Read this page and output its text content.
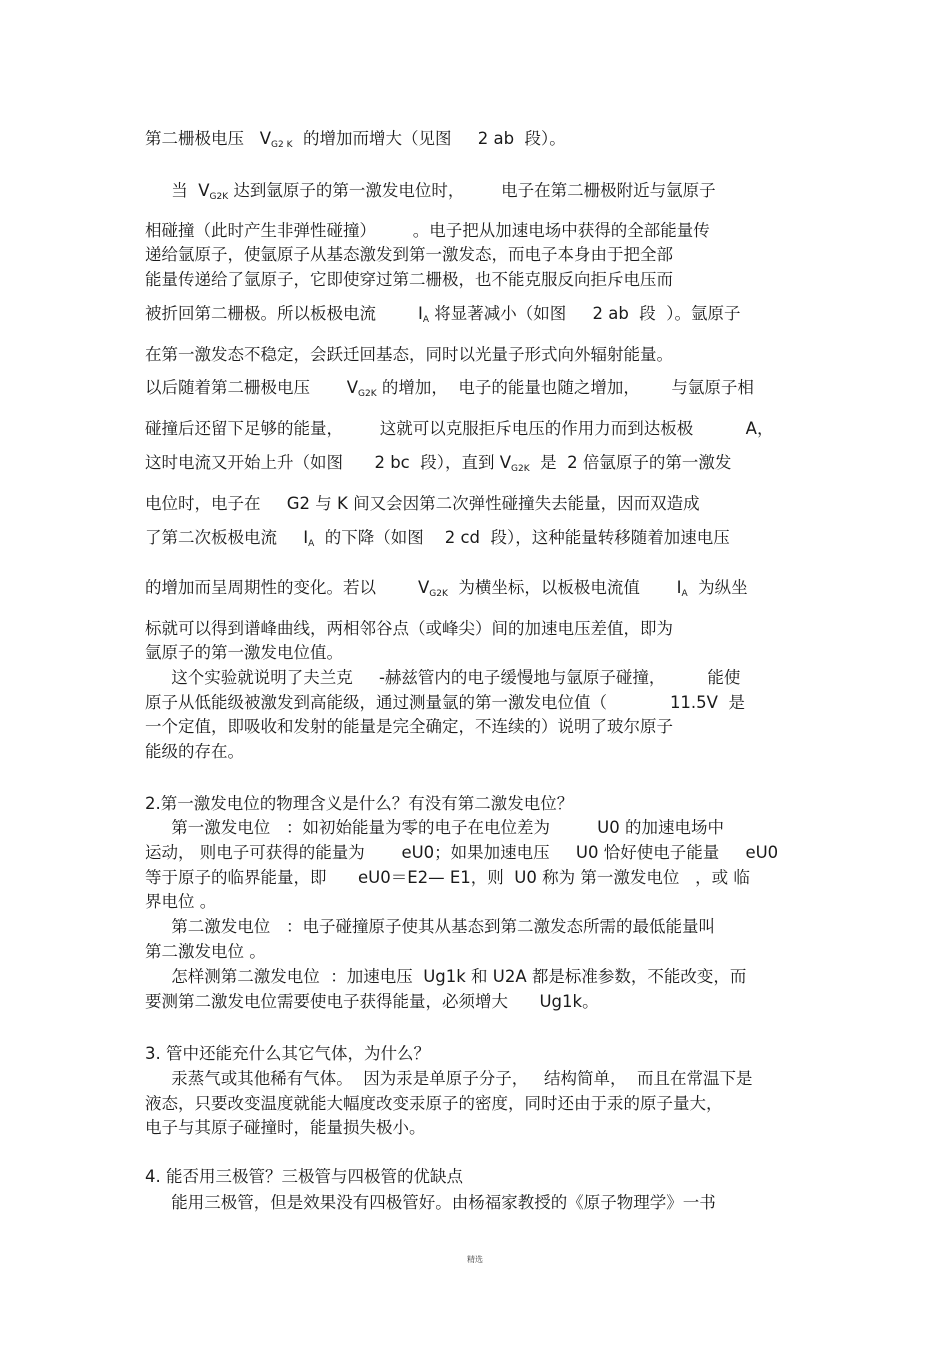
第二栅极电压   $V_{G2 K}$  的增加而增大（见图     2 ab  段）。
当  $V_{G2K}$ 达到氩原子的第一激发电位时，       电子在第二栅极附近与氩原子
相碰撞（此时产生非弹性碰撞）       。电子把从加速电场中获得的全部能量传
递给氩原子，使氩原子从基态激发到第一激发态，而电子本身由于把全部
能量传递给了氩原子，它即使穿过第二栅极，也不能克服反向拒斥电压而
被折回第二栅极。所以板极电流        $I_A$ 将显著减小（如图     2 ab  段  ）。氩原子
在第一激发态不稳定，会跃迁回基态，同时以光量子形式向外辐射能量。
以后随着第二栅极电压       $V_{G2K}$ 的增加，  电子的能量也随之增加，      与氩原子相
碰撞后还留下足够的能量，       这就可以克服拒斥电压的作用力而到达板极          A，
这时电流又开始上升（如图      2 bc  段），直到 $V_{G2K}$  是  2 倍氩原子的第一激发
电位时，电子在     G2 与 K 间又会因第二次弹性碰撞失去能量，因而双造成
了第二次板极电流     $I_A$  的下降（如图    2 cd  段），这种能量转移随着加速电压
的增加而呈周期性的变化。若以        $V_{G2K}$  为横坐标，以板极电流值       $I_A$  为纵坐
标就可以得到谱峰曲线，两相邻谷点（或峰尖）间的加速电压差值，即为
氩原子的第一激发电位值。
这个实验就说明了夫兰克     -赫兹管内的电子缓慢地与氩原子碰撞，        能使
原子从低能级被激发到高能级，通过测量氩的第一激发电位值（            11.5V  是
一个定值，即吸收和发射的能量是完全确定，不连续的）说明了玻尔原子
能级的存在。
2.第一激发电位的物理含义是什么？有没有第二激发电位？
第一激发电位   ：如初始能量为零的电子在电位差为         U0 的加速电场中
运动， 则电子可获得的能量为       eU0；如果加速电压     U0 恰好使电子能量     eU0
等于原子的临界能量，即      eU0＝E2— E1，则  U0 称为 第一激发电位   ，或 临
界电位 。
第二激发电位   ：电子碰撞原子使其从基态到第二激发态所需的最低能量叫
第二激发电位 。
怎样测第二激发电位  ：加速电压  Ug1k 和 U2A 都是标准参数，不能改变，而
要测第二激发电位需要使电子获得能量，必须增大      Ug1k。
3. 管中还能充什么其它气体，为什么？
汞蒸气或其他稀有气体。  因为汞是单原子分子，   结构简单，  而且在常温下是
液态，只要改变温度就能大幅度改变汞原子的密度，同时还由于汞的原子量大，
电子与其原子碰撞时，能量损失极小。
4. 能否用三极管？三极管与四极管的优缺点
能用三极管，但是效果没有四极管好。由杨福家教授的《原子物理学》一书
精选
